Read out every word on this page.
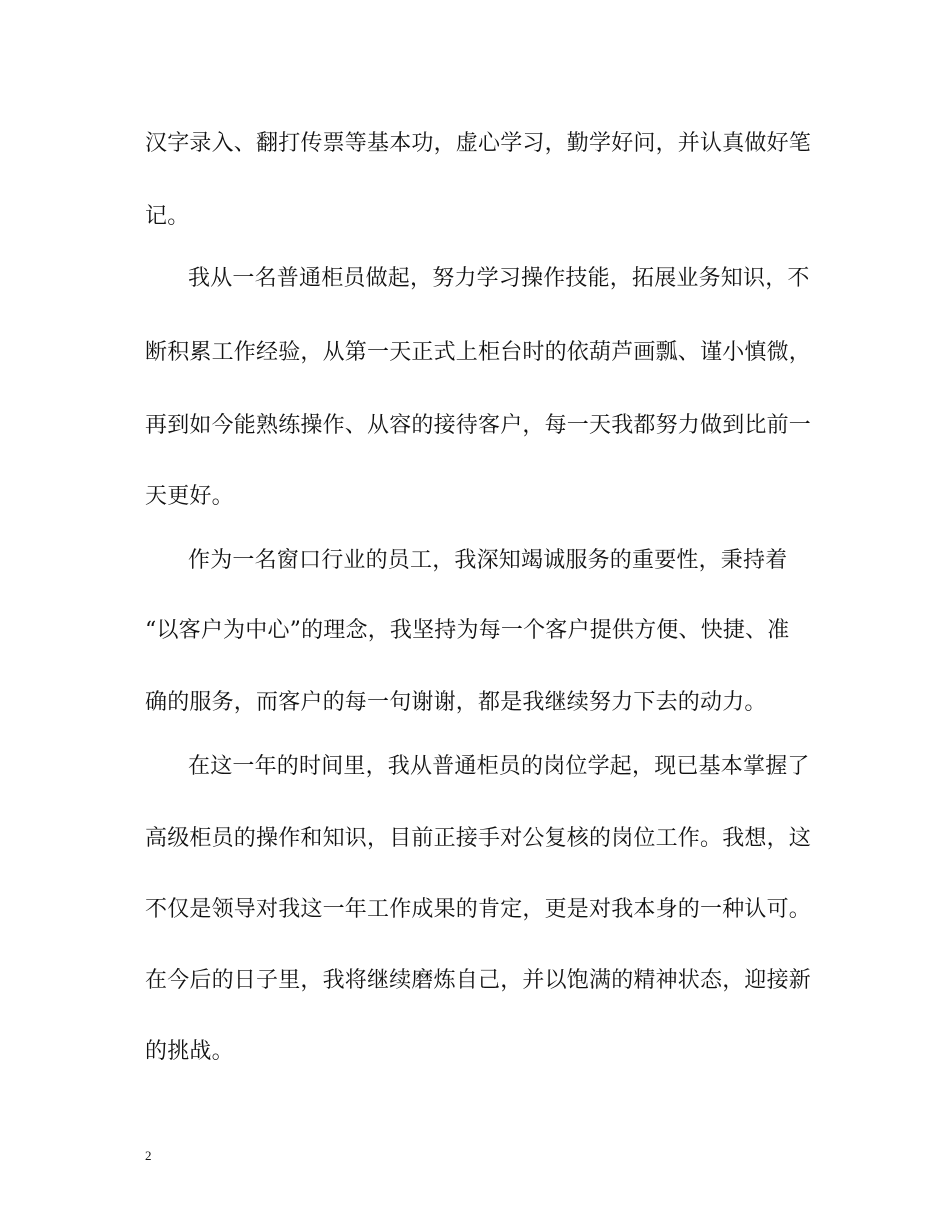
汉字录入、翻打传票等基本功，虚心学习，勤学好问，并认真做好笔
记。
我从一名普通柜员做起，努力学习操作技能，拓展业务知识，不
断积累工作经验，从第一天正式上柜台时的依葫芦画瓢、谨小慎微，
再到如今能熟练操作、从容的接待客户，每一天我都努力做到比前一
天更好。
作为一名窗口行业的员工，我深知竭诚服务的重要性，秉持着
“以客户为中心”的理念，我坚持为每一个客户提供方便、快捷、准
确的服务，而客户的每一句谢谢，都是我继续努力下去的动力。
在这一年的时间里，我从普通柜员的岗位学起，现已基本掌握了
高级柜员的操作和知识，目前正接手对公复核的岗位工作。我想，这
不仅是领导对我这一年工作成果的肯定，更是对我本身的一种认可。
在今后的日子里，我将继续磨炼自己，并以饱满的精神状态，迎接新
的挑战。
2
